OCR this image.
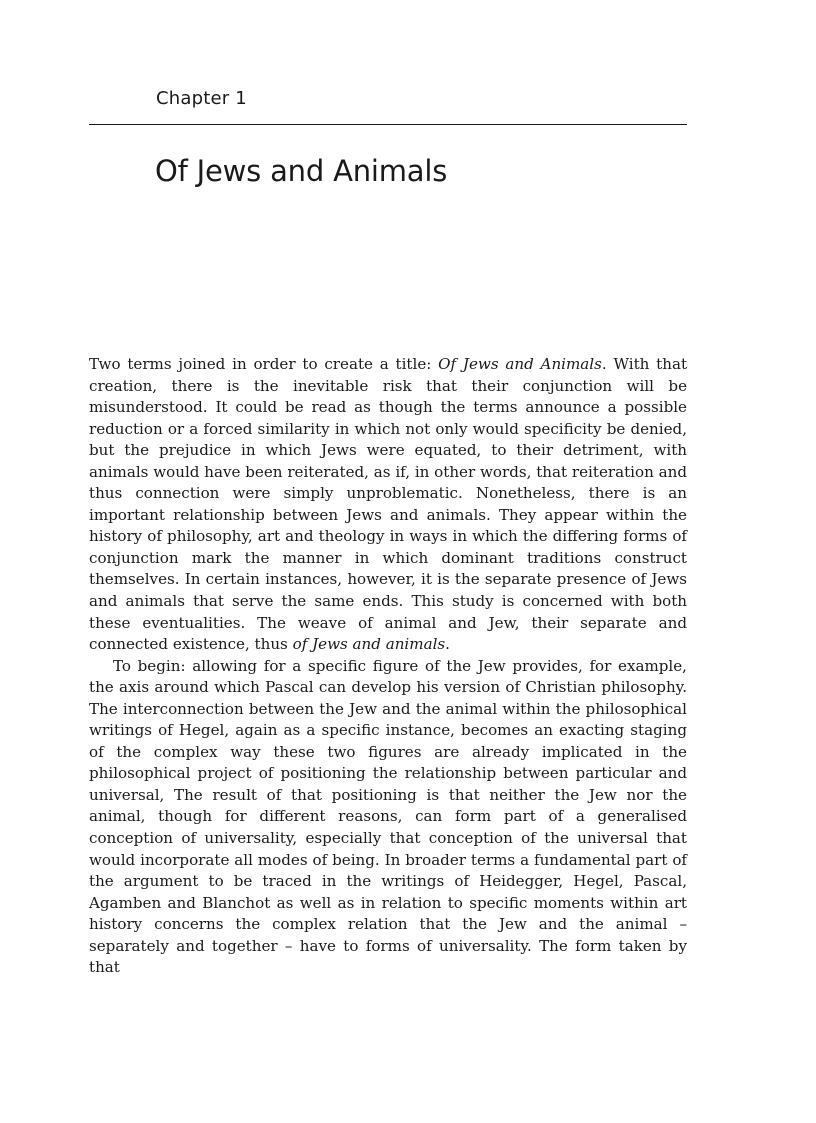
Chapter 1
Of Jews and Animals

Two terms joined in order to create a title: Of Jews and Animals. With that creation, there is the inevitable risk that their conjunction will be misunderstood. It could be read as though the terms announce a possible reduction or a forced similarity in which not only would specificity be denied, but the prejudice in which Jews were equated, to their detriment, with animals would have been reiterated, as if, in other words, that reiteration and thus connection were simply unproblematic. Nonetheless, there is an important relationship between Jews and animals. They appear within the history of philosophy, art and theology in ways in which the differing forms of conjunction mark the manner in which dominant traditions construct themselves. In certain instances, however, it is the separate presence of Jews and animals that serve the same ends. This study is concerned with both these eventualities. The weave of animal and Jew, their separate and connected existence, thus of Jews and animals.

To begin: allowing for a specific figure of the Jew provides, for example, the axis around which Pascal can develop his version of Christian philosophy. The interconnection between the Jew and the animal within the philosophical writings of Hegel, again as a specific instance, becomes an exacting staging of the complex way these two figures are already implicated in the philosophical project of positioning the relationship between particular and universal, The result of that positioning is that neither the Jew nor the animal, though for different reasons, can form part of a generalised conception of universality, especially that conception of the universal that would incorporate all modes of being. In broader terms a fundamental part of the argument to be traced in the writings of Heidegger, Hegel, Pascal, Agamben and Blanchot as well as in relation to specific moments within art history concerns the complex relation that the Jew and the animal – separately and together – have to forms of universality. The form taken by that
